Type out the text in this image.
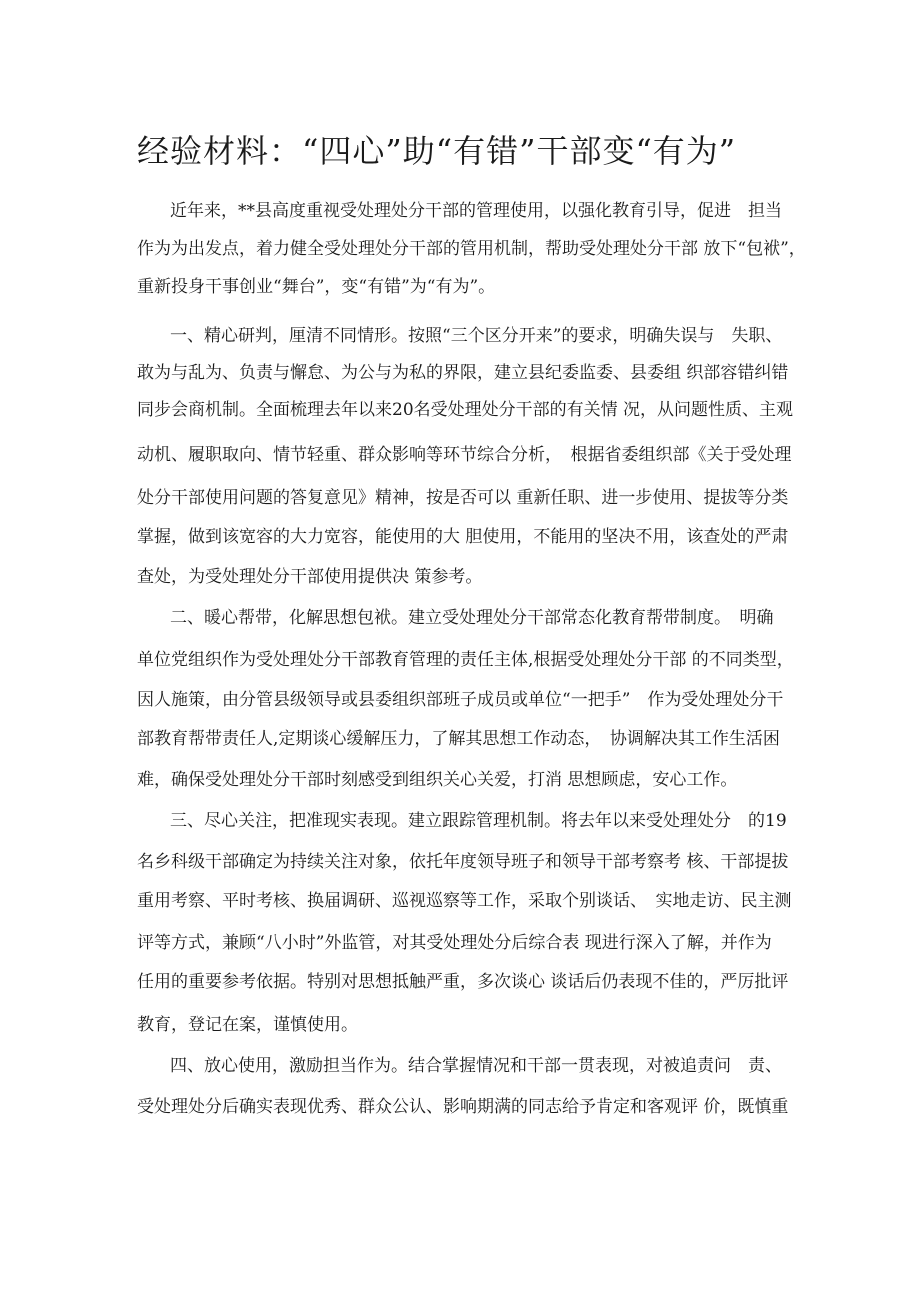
经验材料：“四心”助“有错”干部变“有为”

近年来，**县高度重视受处理处分干部的管理使用，以强化教育引导，促进　担当

作为为出发点，着力健全受处理处分干部的管用机制，帮助受处理处分干部 放下“包袱”，

重新投身干事创业“舞台”，变“有错”为“有为”。

一、精心研判，厘清不同情形。按照“三个区分开来”的要求，明确失误与　失职、

敢为与乱为、负责与懈怠、为公与为私的界限，建立县纪委监委、县委组 织部容错纠错

同步会商机制。全面梳理去年以来20名受处理处分干部的有关情 况，从问题性质、主观

动机、履职取向、情节轻重、群众影响等环节综合分析，　根据省委组织部《关于受处理

处分干部使用问题的答复意见》精神，按是否可以 重新任职、进一步使用、提拔等分类

掌握，做到该宽容的大力宽容，能使用的大 胆使用，不能用的坚决不用，该查处的严肃

查处，为受处理处分干部使用提供决 策参考。

二、暖心帮带，化解思想包袱。建立受处理处分干部常态化教育帮带制度。　明确

单位党组织作为受处理处分干部教育管理的责任主体,根据受处理处分干部 的不同类型，

因人施策，由分管县级领导或县委组织部班子成员或单位“一把手”　作为受处理处分干

部教育帮带责任人,定期谈心缓解压力，了解其思想工作动态，　协调解决其工作生活困

难，确保受处理处分干部时刻感受到组织关心关爱，打消 思想顾虑，安心工作。

三、尽心关注，把准现实表现。建立跟踪管理机制。将去年以来受处理处分　的19

名乡科级干部确定为持续关注对象，依托年度领导班子和领导干部考察考 核、干部提拔

重用考察、平时考核、换届调研、巡视巡察等工作，采取个别谈话、　实地走访、民主测

评等方式，兼顾“八小时”外监管，对其受处理处分后综合表 现进行深入了解，并作为

任用的重要参考依据。特别对思想抵触严重，多次谈心 谈话后仍表现不佳的，严厉批评

教育，登记在案，谨慎使用。

四、放心使用，激励担当作为。结合掌握情况和干部一贯表现，对被追责问　责、

受处理处分后确实表现优秀、群众公认、影响期满的同志给予肯定和客观评 价，既慎重
